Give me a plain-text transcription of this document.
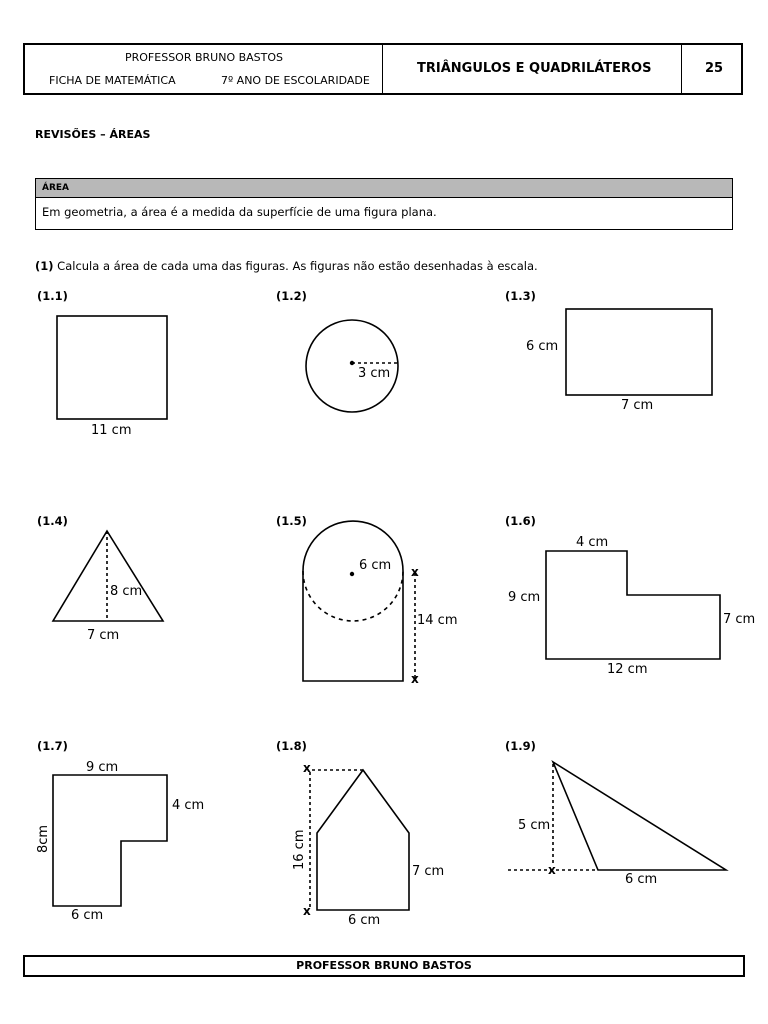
PROFESSOR BRUNO BASTOS
FICHA DE MATEMÁTICA	7º ANO DE ESCOLARIDADE
TRIÂNGULOS E QUADRILÁTEROS	25
REVISÕES – ÁREAS
ÁREA
Em geometria, a área é a medida da superfície de uma figura plana.
(1) Calcula a área de cada uma das figuras. As figuras não estão desenhadas à escala.
(1.1)	(1.2)	(1.3)
(1.4)	(1.5)	(1.6)
(1.7)	(1.8)	(1.9)
11 cm
3 cm
6 cm
7 cm
8 cm
7 cm
6 cm
14 cm
x
x
4 cm
9 cm
7 cm
12 cm
9 cm
4 cm
8cm
6 cm
x
x
16 cm
7 cm
6 cm
x
5 cm
6 cm
PROFESSOR BRUNO BASTOS
